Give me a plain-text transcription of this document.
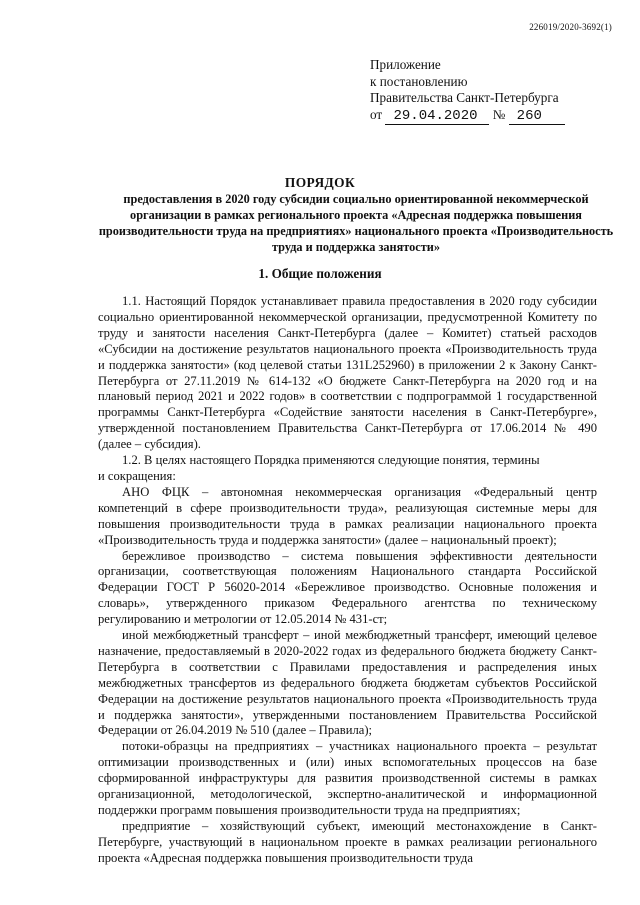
226019/2020-3692(1)
Приложение
к постановлению
Правительства Санкт-Петербурга
от 29.04.2020 № 260
ПОРЯДОК
предоставления в 2020 году субсидии социально ориентированной некоммерческой организации в рамках регионального проекта «Адресная поддержка повышения производительности труда на предприятиях» национального проекта «Производительность труда и поддержка занятости»
1. Общие положения

1.1. Настоящий Порядок устанавливает правила предоставления в 2020 году субсидии социально ориентированной некоммерческой организации, предусмотренной Комитету по труду и занятости населения Санкт-Петербурга (далее – Комитет) статьей расходов «Субсидии на достижение результатов национального проекта «Производительность труда и поддержка занятости» (код целевой статьи 131L252960) в приложении 2 к Закону Санкт-Петербурга от 27.11.2019 № 614-132 «О бюджете Санкт-Петербурга на 2020 год и на плановый период 2021 и 2022 годов» в соответствии с подпрограммой 1 государственной программы Санкт-Петербурга «Содействие занятости населения в Санкт-Петербурге», утвержденной постановлением Правительства Санкт-Петербурга от 17.06.2014 № 490 (далее – субсидия).

1.2. В целях настоящего Порядка применяются следующие понятия, термины

и сокращения:

АНО ФЦК – автономная некоммерческая организация «Федеральный центр компетенций в сфере производительности труда», реализующая системные меры для повышения производительности труда в рамках реализации национального проекта «Производительность труда и поддержка занятости» (далее – национальный проект);

бережливое производство – система повышения эффективности деятельности организации, соответствующая положениям Национального стандарта Российской Федерации ГОСТ Р 56020-2014 «Бережливое производство. Основные положения и словарь», утвержденного приказом Федерального агентства по техническому регулированию и метрологии от 12.05.2014 № 431-ст;

иной межбюджетный трансферт – иной межбюджетный трансферт, имеющий целевое назначение, предоставляемый в 2020-2022 годах из федерального бюджета бюджету Санкт-Петербурга в соответствии с Правилами предоставления и распределения иных межбюджетных трансфертов из федерального бюджета бюджетам субъектов Российской Федерации на достижение результатов национального проекта «Производительность труда и поддержка занятости», утвержденными постановлением Правительства Российской Федерации от 26.04.2019 № 510 (далее – Правила);

потоки-образцы на предприятиях – участниках национального проекта – результат оптимизации производственных и (или) иных вспомогательных процессов на базе сформированной инфраструктуры для развития производственной системы в рамках организационной, методологической, экспертно-аналитической и информационной поддержки программ повышения производительности труда на предприятиях;

предприятие – хозяйствующий субъект, имеющий местонахождение в Санкт-Петербурге, участвующий в национальном проекте в рамках реализации регионального проекта «Адресная поддержка повышения производительности труда
